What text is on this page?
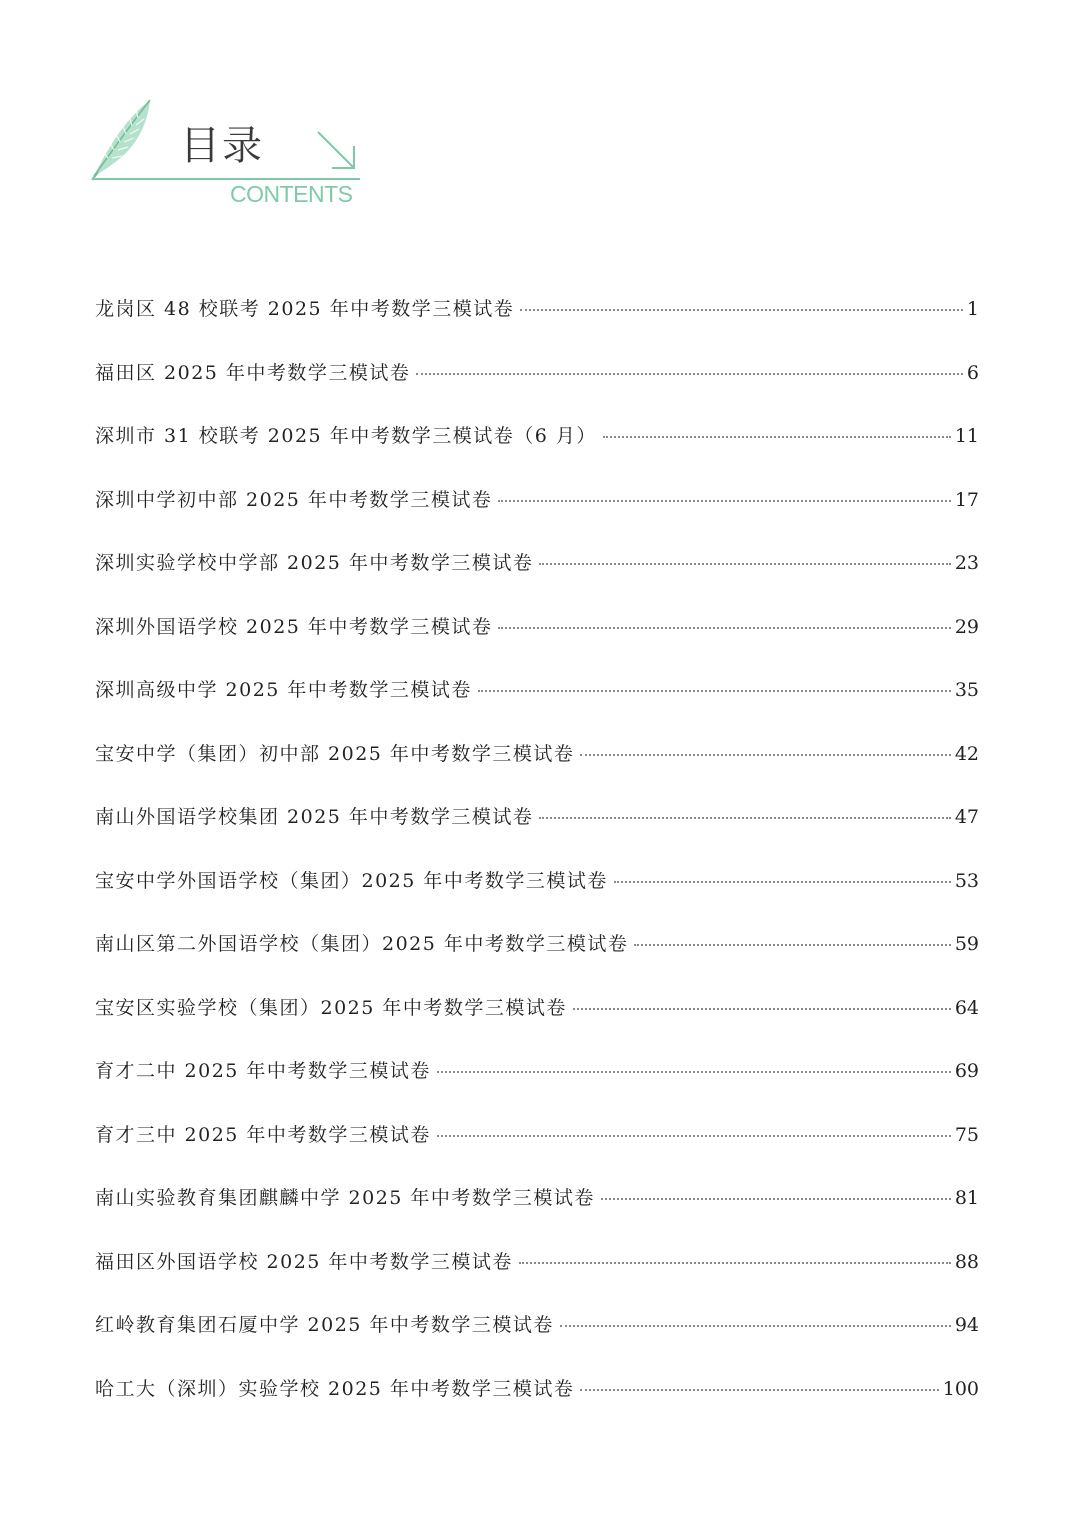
目录
CONTENTS
龙岗区 48 校联考 2025 年中考数学三模试卷	1
福田区 2025 年中考数学三模试卷	6
深圳市 31 校联考 2025 年中考数学三模试卷（6 月）	11
深圳中学初中部 2025 年中考数学三模试卷	17
深圳实验学校中学部 2025 年中考数学三模试卷	23
深圳外国语学校 2025 年中考数学三模试卷	29
深圳高级中学 2025 年中考数学三模试卷	35
宝安中学（集团）初中部 2025 年中考数学三模试卷	42
南山外国语学校集团 2025 年中考数学三模试卷	47
宝安中学外国语学校（集团）2025 年中考数学三模试卷	53
南山区第二外国语学校（集团）2025 年中考数学三模试卷	59
宝安区实验学校（集团）2025 年中考数学三模试卷	64
育才二中 2025 年中考数学三模试卷	69
育才三中 2025 年中考数学三模试卷	75
南山实验教育集团麒麟中学 2025 年中考数学三模试卷	81
福田区外国语学校 2025 年中考数学三模试卷	88
红岭教育集团石厦中学 2025 年中考数学三模试卷	94
哈工大（深圳）实验学校 2025 年中考数学三模试卷	100
